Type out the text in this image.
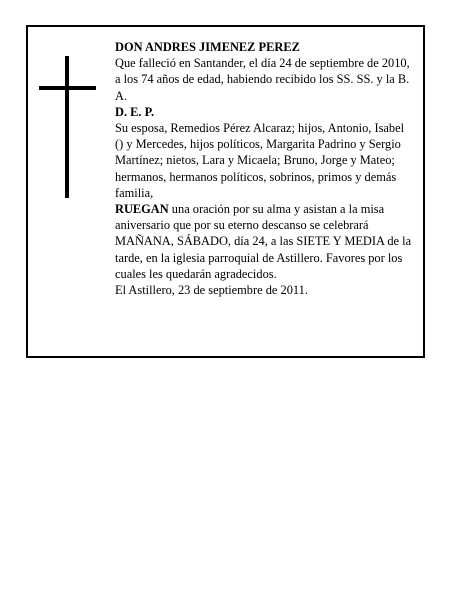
DON ANDRES JIMENEZ PEREZ

Que falleció en Santander, el día 24 de septiembre de 2010, a los 74 años de edad, habiendo recibido los SS. SS. y la B. A.

D. E. P.

Su esposa, Remedios Pérez Alcaraz; hijos, Antonio, Isabel () y Mercedes, hijos políticos, Margarita Padrino y Sergio Martínez; nietos, Lara y Micaela; Bruno, Jorge y Mateo; hermanos, hermanos políticos, sobrinos, primos y demás familia,

RUEGAN una oración por su alma y asistan a la misa aniversario que por su eterno descanso se celebrará MAÑANA, SÁBADO, día 24, a las SIETE Y MEDIA de la tarde, en la iglesia parroquial de Astillero. Favores por los cuales les quedarán agradecidos.

El Astillero, 23 de septiembre de 2011.
